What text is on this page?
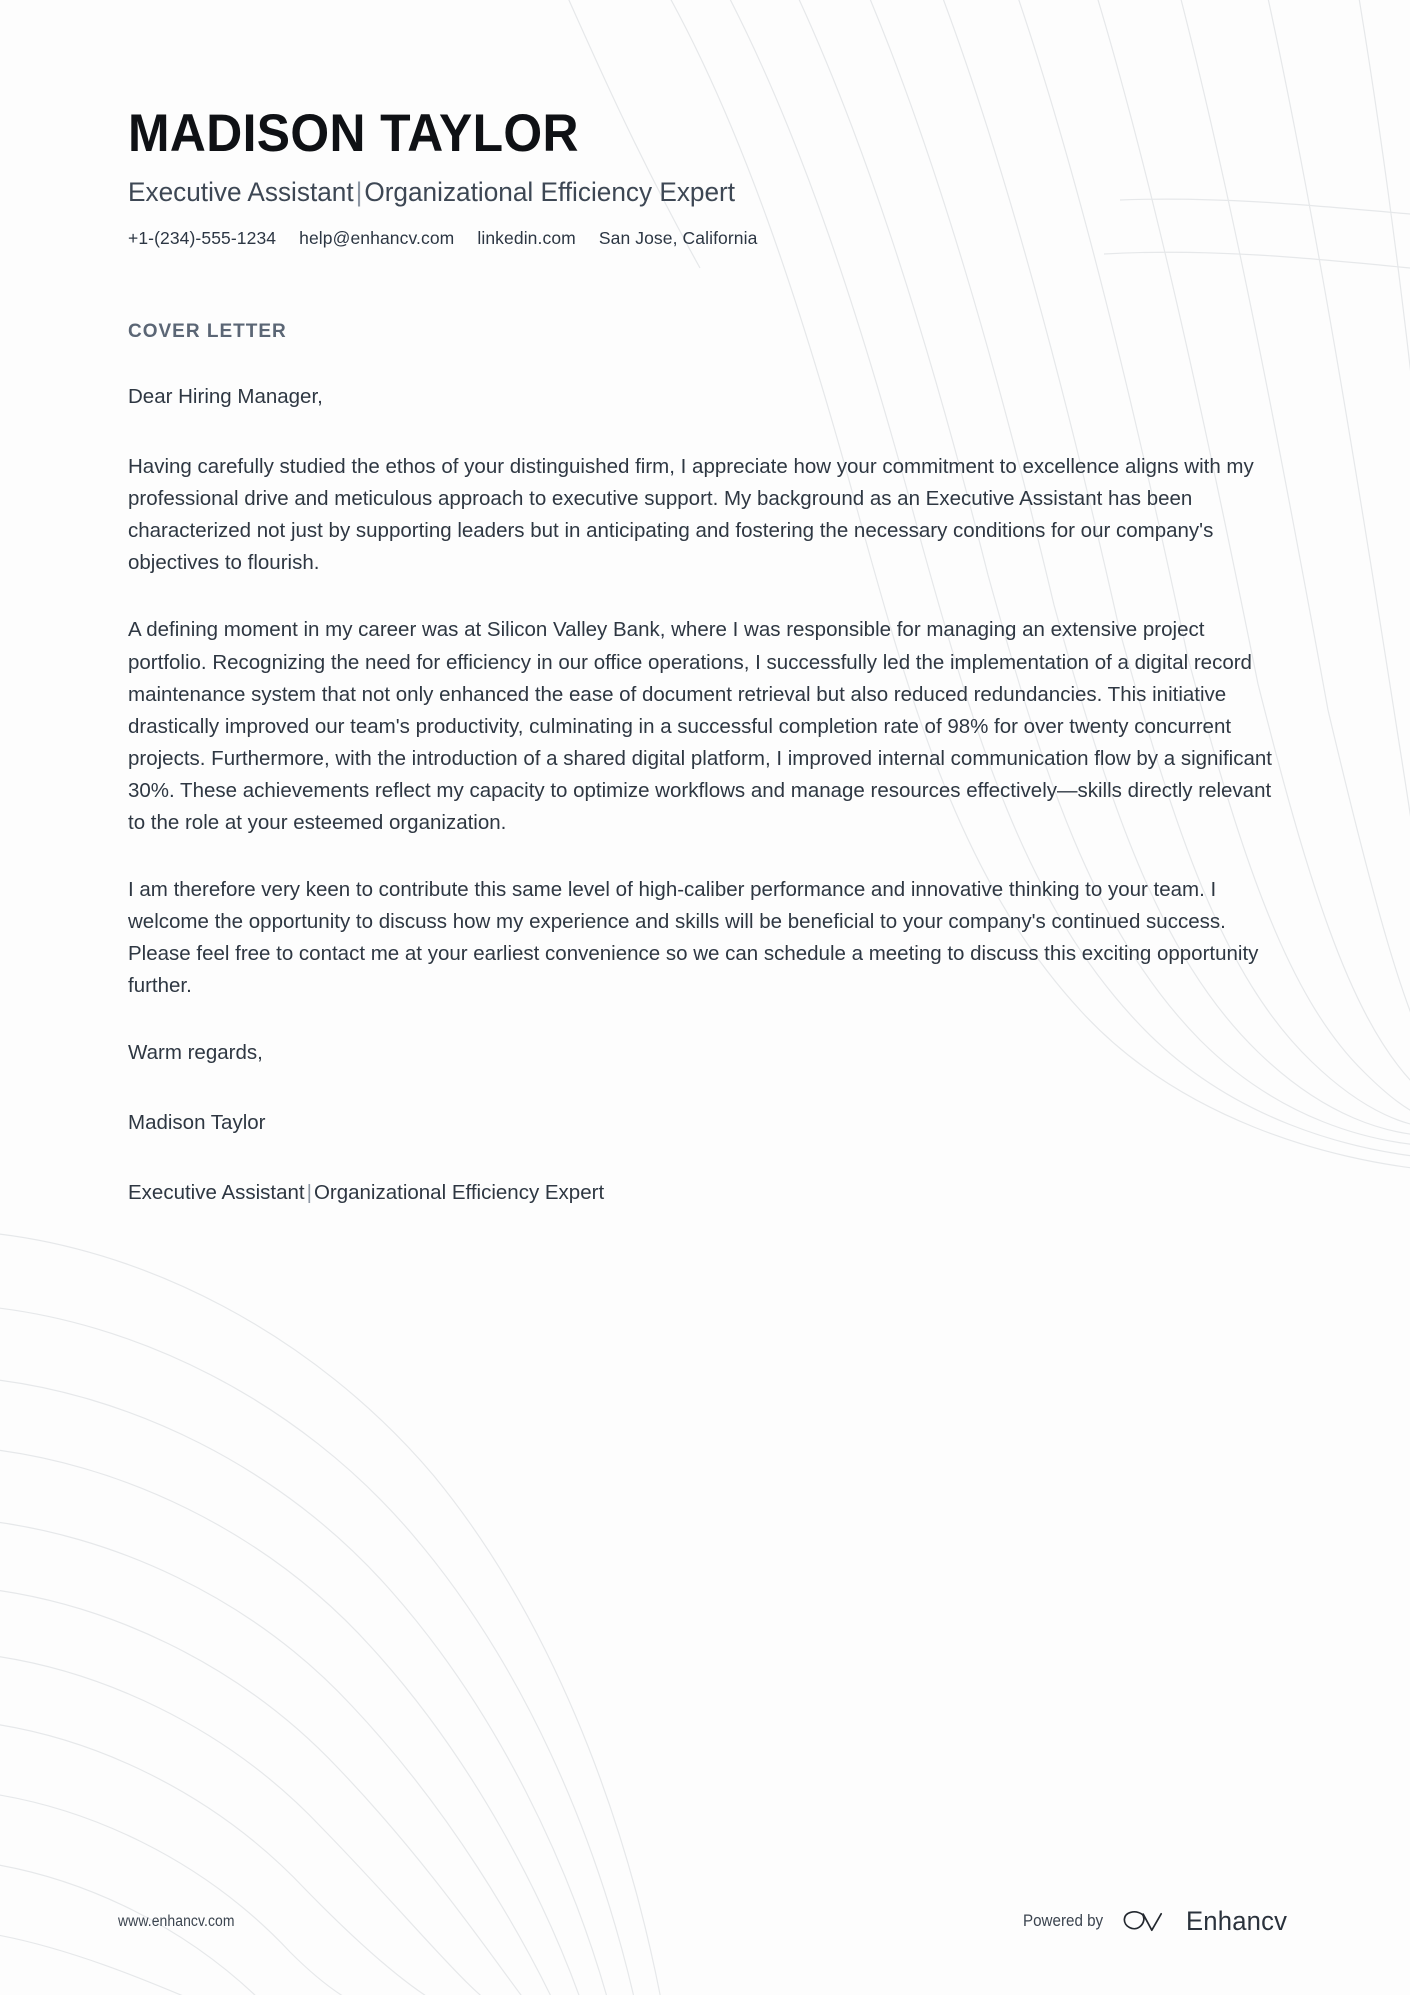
MADISON TAYLOR

Executive Assistant|Organizational Efficiency Expert

+1-(234)-555-1234 help@enhancv.com linkedin.com San Jose, California
COVER LETTER

Dear Hiring Manager,

Having carefully studied the ethos of your distinguished firm, I appreciate how your commitment to excellence aligns with my professional drive and meticulous approach to executive support. My background as an Executive Assistant has been characterized not just by supporting leaders but in anticipating and fostering the necessary conditions for our company's objectives to flourish.

A defining moment in my career was at Silicon Valley Bank, where I was responsible for managing an extensive project portfolio. Recognizing the need for efficiency in our office operations, I successfully led the implementation of a digital record maintenance system that not only enhanced the ease of document retrieval but also reduced redundancies. This initiative drastically improved our team's productivity, culminating in a successful completion rate of 98% for over twenty concurrent projects. Furthermore, with the introduction of a shared digital platform, I improved internal communication flow by a significant 30%. These achievements reflect my capacity to optimize workflows and manage resources effectively—skills directly relevant to the role at your esteemed organization.

I am therefore very keen to contribute this same level of high-caliber performance and innovative thinking to your team. I welcome the opportunity to discuss how my experience and skills will be beneficial to your company's continued success. Please feel free to contact me at your earliest convenience so we can schedule a meeting to discuss this exciting opportunity further.

Warm regards,

Madison Taylor

Executive Assistant|Organizational Efficiency Expert

www.enhancv.com	Powered by	Enhancv
